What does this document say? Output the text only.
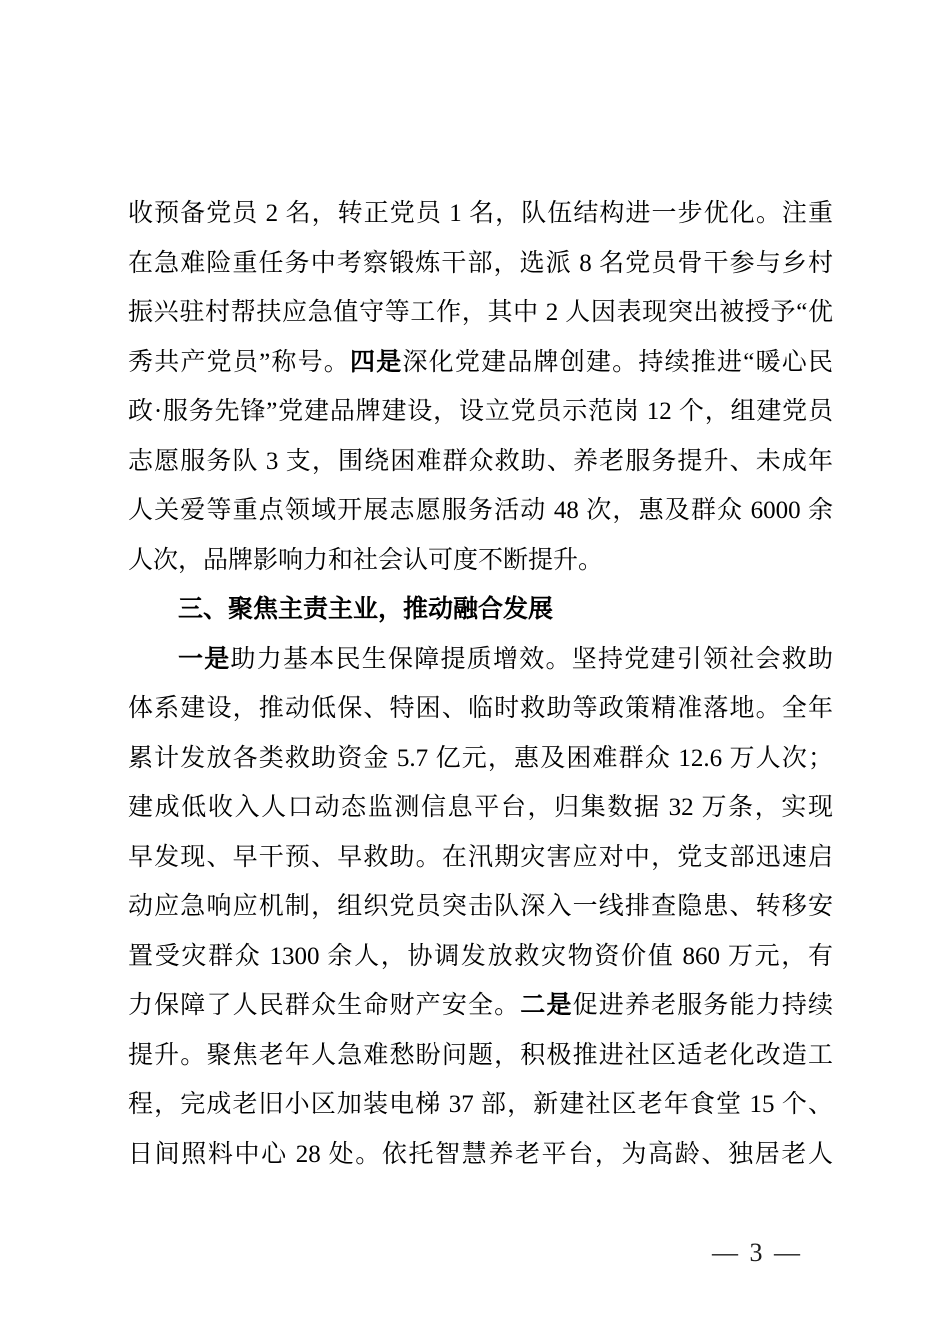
收预备党员 2 名，转正党员 1 名，队伍结构进一步优化。注重
在急难险重任务中考察锻炼干部，选派 8 名党员骨干参与乡村
振兴驻村帮扶应急值守等工作，其中 2 人因表现突出被授予“优
秀共产党员”称号。四是深化党建品牌创建。持续推进“暖心民
政·服务先锋”党建品牌建设，设立党员示范岗 12 个，组建党员
志愿服务队 3 支，围绕困难群众救助、养老服务提升、未成年
人关爱等重点领域开展志愿服务活动 48 次，惠及群众 6000 余
人次，品牌影响力和社会认可度不断提升。
三、聚焦主责主业，推动融合发展
一是助力基本民生保障提质增效。坚持党建引领社会救助
体系建设，推动低保、特困、临时救助等政策精准落地。全年
累计发放各类救助资金 5.7 亿元，惠及困难群众 12.6 万人次；
建成低收入人口动态监测信息平台，归集数据 32 万条，实现
早发现、早干预、早救助。在汛期灾害应对中，党支部迅速启
动应急响应机制，组织党员突击队深入一线排查隐患、转移安
置受灾群众 1300 余人，协调发放救灾物资价值 860 万元，有
力保障了人民群众生命财产安全。二是促进养老服务能力持续
提升。聚焦老年人急难愁盼问题，积极推进社区适老化改造工
程，完成老旧小区加装电梯 37 部，新建社区老年食堂 15 个、
日间照料中心 28 处。依托智慧养老平台，为高龄、独居老人
— 3 —
